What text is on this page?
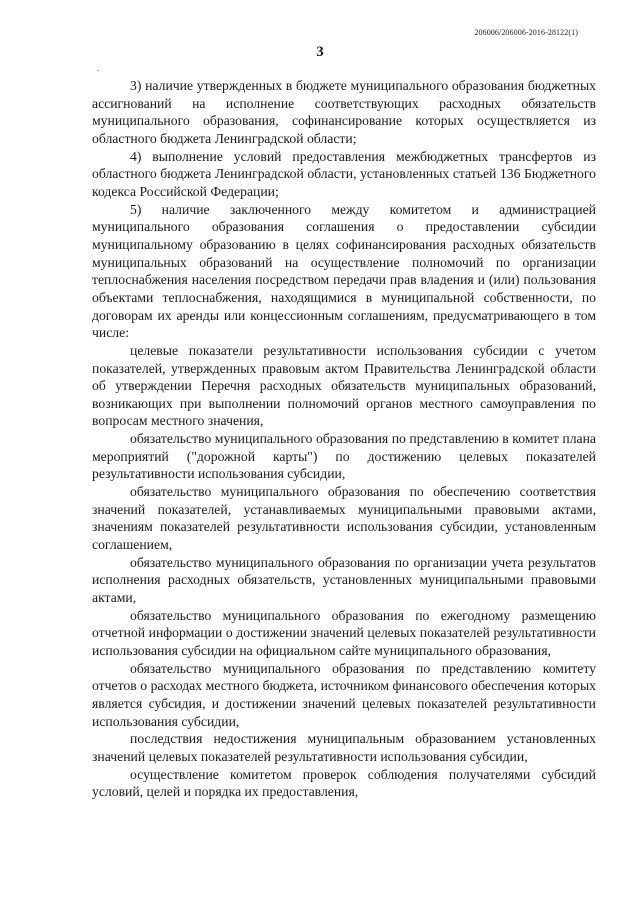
206006/206006-2016-28122(1)
3
.

3) наличие утвержденных в бюджете муниципального образования бюджетных ассигнований на исполнение соответствующих расходных обязательств муниципального образования, софинансирование которых осуществляется из областного бюджета Ленинградской области;

4) выполнение условий предоставления межбюджетных трансфертов из областного бюджета Ленинградской области, установленных статьей 136 Бюджетного кодекса Российской Федерации;

5) наличие заключенного между комитетом и администрацией муниципального образования соглашения о предоставлении субсидии муниципальному образованию в целях софинансирования расходных обязательств муниципальных образований на осуществление полномочий по организации теплоснабжения населения посредством передачи прав владения и (или) пользования объектами теплоснабжения, находящимися в муниципальной собственности, по договорам их аренды или концессионным соглашениям, предусматривающего в том числе:

целевые показатели результативности использования субсидии с учетом показателей, утвержденных правовым актом Правительства Ленинградской области об утверждении Перечня расходных обязательств муниципальных образований, возникающих при выполнении полномочий органов местного самоуправления по вопросам местного значения,

обязательство муниципального образования по представлению в комитет плана мероприятий ("дорожной карты") по достижению целевых показателей результативности использования субсидии,

обязательство муниципального образования по обеспечению соответствия значений показателей, устанавливаемых муниципальными правовыми актами, значениям показателей результативности использования субсидии, установленным соглашением,

обязательство муниципального образования по организации учета результатов исполнения расходных обязательств, установленных муниципальными правовыми актами,

обязательство муниципального образования по ежегодному размещению отчетной информации о достижении значений целевых показателей результативности использования субсидии на официальном сайте муниципального образования,

обязательство муниципального образования по представлению комитету отчетов о расходах местного бюджета, источником финансового обеспечения которых является субсидия, и достижении значений целевых показателей результативности использования субсидии,

последствия недостижения муниципальным образованием установленных значений целевых показателей результативности использования субсидии,

осуществление комитетом проверок соблюдения получателями субсидий условий, целей и порядка их предоставления,
